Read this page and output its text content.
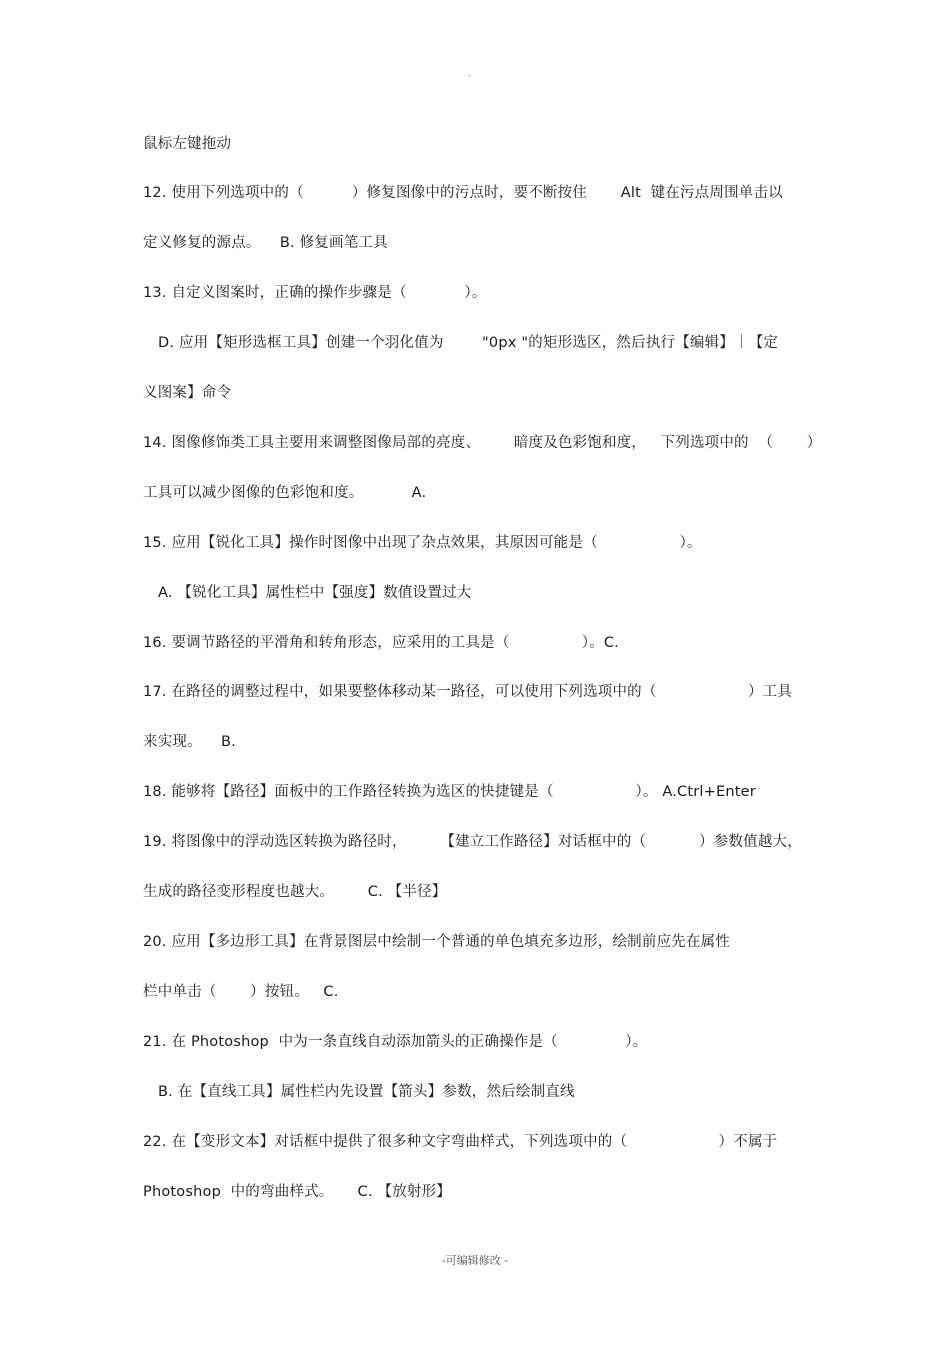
。
鼠标左键拖动
12. 使用下列选项中的（          ）修复图像中的污点时，要不断按住       Alt  键在污点周围单击以
定义修复的源点。    B. 修复画笔工具
13. 自定义图案时，正确的操作步骤是（            ）。
D. 应用【矩形选框工具】创建一个羽化值为        "0px "的矩形选区，然后执行【编辑】｜【定
义图案】命令
14. 图像修饰类工具主要用来调整图像局部的亮度、       暗度及色彩饱和度，   下列选项中的  （       ）
工具可以减少图像的色彩饱和度。          A.
15. 应用【锐化工具】操作时图像中出现了杂点效果，其原因可能是（                 ）。
A. 【锐化工具】属性栏中【强度】数值设置过大
16. 要调节路径的平滑角和转角形态，应采用的工具是（               ）。C.
17. 在路径的调整过程中，如果要整体移动某一路径，可以使用下列选项中的（                   ）工具
来实现。    B.
18. 能够将【路径】面板中的工作路径转换为选区的快捷键是（                 ）。 A.Ctrl+Enter
19. 将图像中的浮动选区转换为路径时，       【建立工作路径】对话框中的（           ）参数值越大，
生成的路径变形程度也越大。       C. 【半径】
20. 应用【多边形工具】在背景图层中绘制一个普通的单色填充多边形，绘制前应先在属性
栏中单击（       ）按钮。   C.
21. 在 Photoshop  中为一条直线自动添加箭头的正确操作是（              ）。
B. 在【直线工具】属性栏内先设置【箭头】参数，然后绘制直线
22. 在【变形文本】对话框中提供了很多种文字弯曲样式，下列选项中的（                   ）不属于
Photoshop  中的弯曲样式。     C. 【放射形】
-可编辑修改 -
